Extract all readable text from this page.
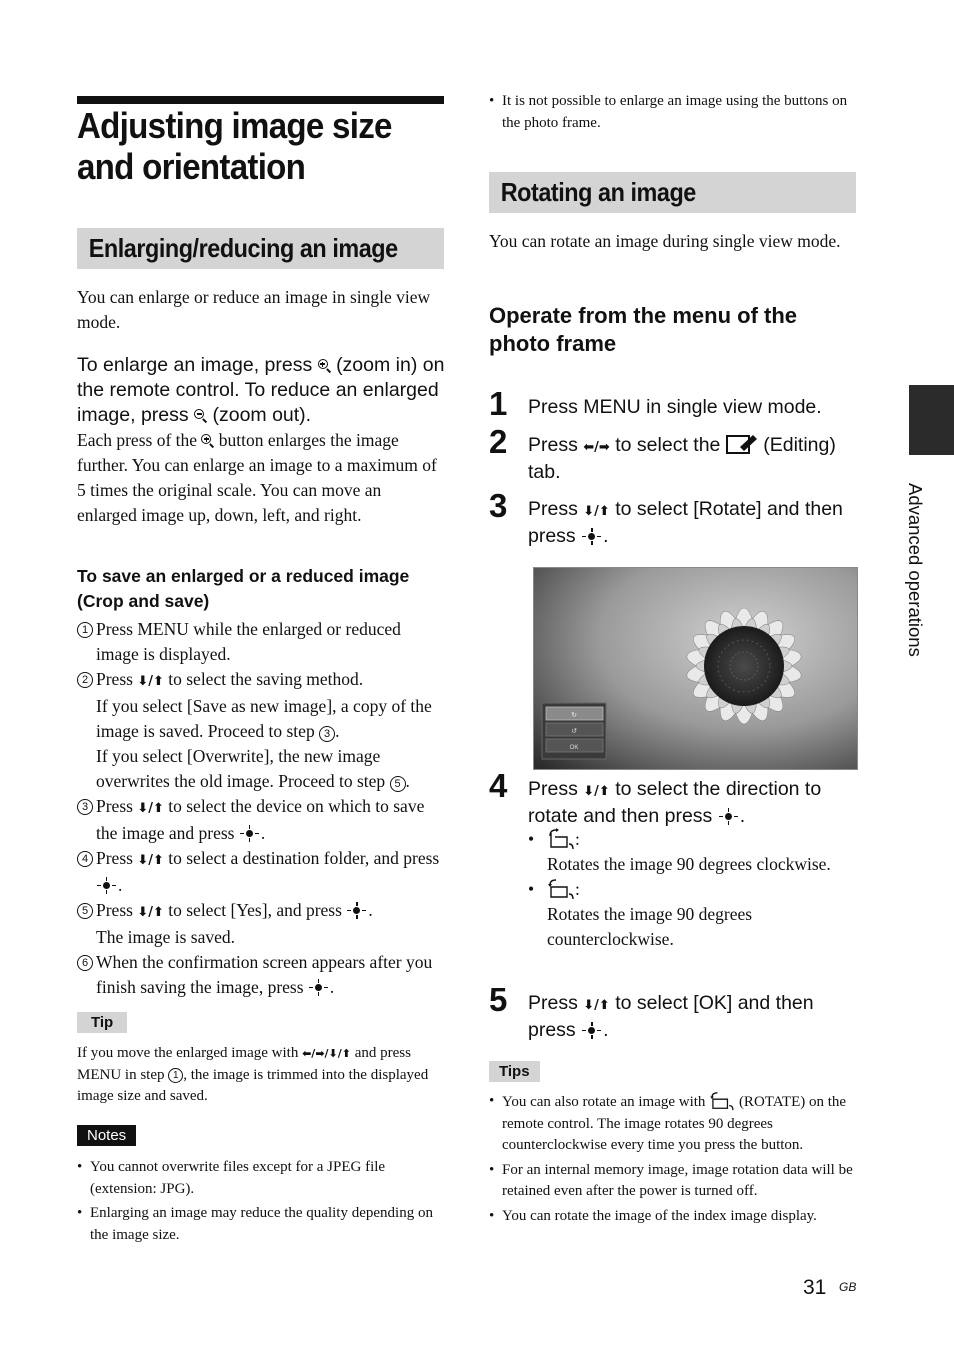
Adjusting image size
and orientation
Enlarging/reducing an image
You can enlarge or reduce an image in single view mode.
To enlarge an image, press (zoom in) on the remote control. To reduce an enlarged image, press (zoom out).
Each press of the button enlarges the image further. You can enlarge an image to a maximum of 5 times the original scale. You can move an enlarged image up, down, left, and right.
To save an enlarged or a reduced image (Crop and save)
1 Press MENU while the enlarged or reduced image is displayed.
2 Press ⬇/⬆ to select the saving method.
If you select [Save as new image], a copy of the image is saved. Proceed to step 3 .
If you select [Overwrite], the new image overwrites the old image. Proceed to step 5 .
3 Press ⬇/⬆ to select the device on which to save the image and press .
4 Press ⬇/⬆ to select a destination folder, and press
.
5 Press ⬇/⬆ to select [Yes], and press .
The image is saved.
6 When the confirmation screen appears after you finish saving the image, press .
Tip
If you move the enlarged image with ⬅/➡/⬇/⬆ and press MENU in step 1 , the image is trimmed into the displayed image size and saved.
Notes
• You cannot overwrite files except for a JPEG file (extension: JPG).
• Enlarging an image may reduce the quality depending on the image size.
• It is not possible to enlarge an image using the buttons on the photo frame.
Rotating an image
You can rotate an image during single view mode.
Operate from the menu of the photo frame
1 Press MENU in single view mode.
2 Press ⬅/➡ to select the (Editing) tab.
3 Press ⬇/⬆ to select [Rotate] and then press .
↻
↺
OK
4 Press ⬇/⬆ to select the direction to rotate and then press .
• :
Rotates the image 90 degrees clockwise.
• :
Rotates the image 90 degrees counterclockwise.
5 Press ⬇/⬆ to select [OK] and then press .
Tips
• You can also rotate an image with (ROTATE) on the remote control. The image rotates 90 degrees counterclockwise every time you press the button.
• For an internal memory image, image rotation data will be retained even after the power is turned off.
• You can rotate the image of the index image display.
Advanced operations
31 GB
